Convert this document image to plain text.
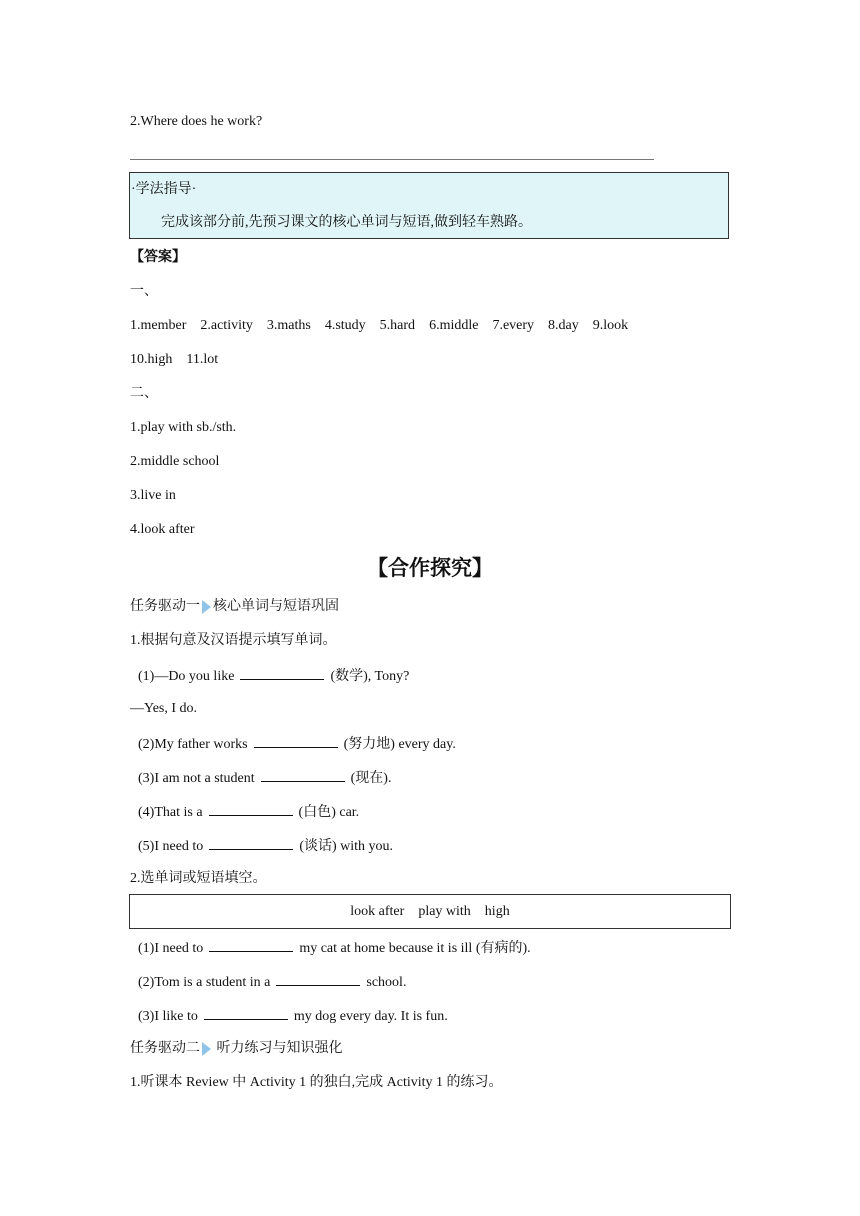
2.Where does he work?
·学法指导·
完成该部分前,先预习课文的核心单词与短语,做到轻车熟路。
【答案】
一、
1.member 2.activity 3.maths 4.study 5.hard 6.middle 7.every 8.day 9.look
10.high 11.lot
二、
1.play with sb./sth.
2.middle school
3.live in
4.look after
【合作探究】
任务驱动一 核心单词与短语巩固
1.根据句意及汉语提示填写单词。
(1)—Do you like	(数学), Tony?
—Yes, I do.
(2)My father works	(努力地) every day.
(3)I am not a student	(现在).
(4)That is a	(白色) car.
(5)I need to	(谈话) with you.
2.选单词或短语填空。
look after    play with    high
(1)I need to	my cat at home because it is ill (有病的).
(2)Tom is a student in a	school.
(3)I like to	my dog every day. It is fun.
任务驱动二 听力练习与知识强化
1.听课本 Review 中 Activity 1 的独白,完成 Activity 1 的练习。
